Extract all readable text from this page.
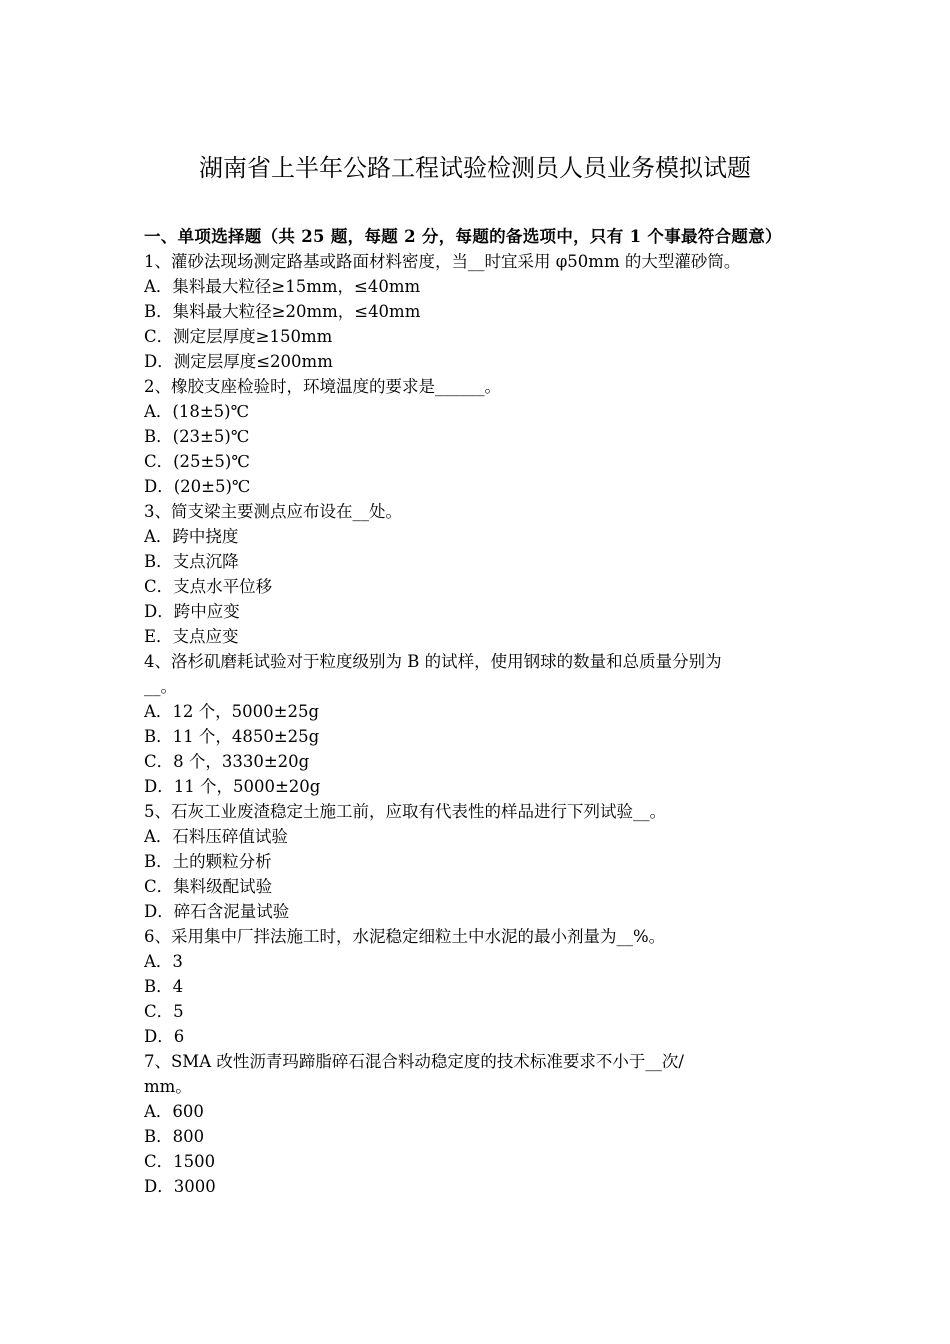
湖南省上半年公路工程试验检测员人员业务模拟试题
一、单项选择题（共 25 题，每题 2 分，每题的备选项中，只有 1 个事最符合题意）
1、灌砂法现场测定路基或路面材料密度，当__时宜采用 φ50mm 的大型灌砂筒。
A．集料最大粒径≥15mm，≤40mm
B．集料最大粒径≥20mm，≤40mm
C．测定层厚度≥150mm
D．测定层厚度≤200mm
2、橡胶支座检验时，环境温度的要求是______。
A．(18±5)℃
B．(23±5)℃
C．(25±5)℃
D．(20±5)℃
3、简支梁主要测点应布设在__处。
A．跨中挠度
B．支点沉降
C．支点水平位移
D．跨中应变
E．支点应变
4、洛杉矶磨耗试验对于粒度级别为 B 的试样，使用钢球的数量和总质量分别为
__。
A．12 个，5000±25g
B．11 个，4850±25g
C．8 个，3330±20g
D．11 个，5000±20g
5、石灰工业废渣稳定土施工前，应取有代表性的样品进行下列试验__。
A．石料压碎值试验
B．土的颗粒分析
C．集料级配试验
D．碎石含泥量试验
6、采用集中厂拌法施工时，水泥稳定细粒土中水泥的最小剂量为__%。
A．3
B．4
C．5
D．6
7、SMA 改性沥青玛蹄脂碎石混合料动稳定度的技术标准要求不小于__次/
mm。
A．600
B．800
C．1500
D．3000
